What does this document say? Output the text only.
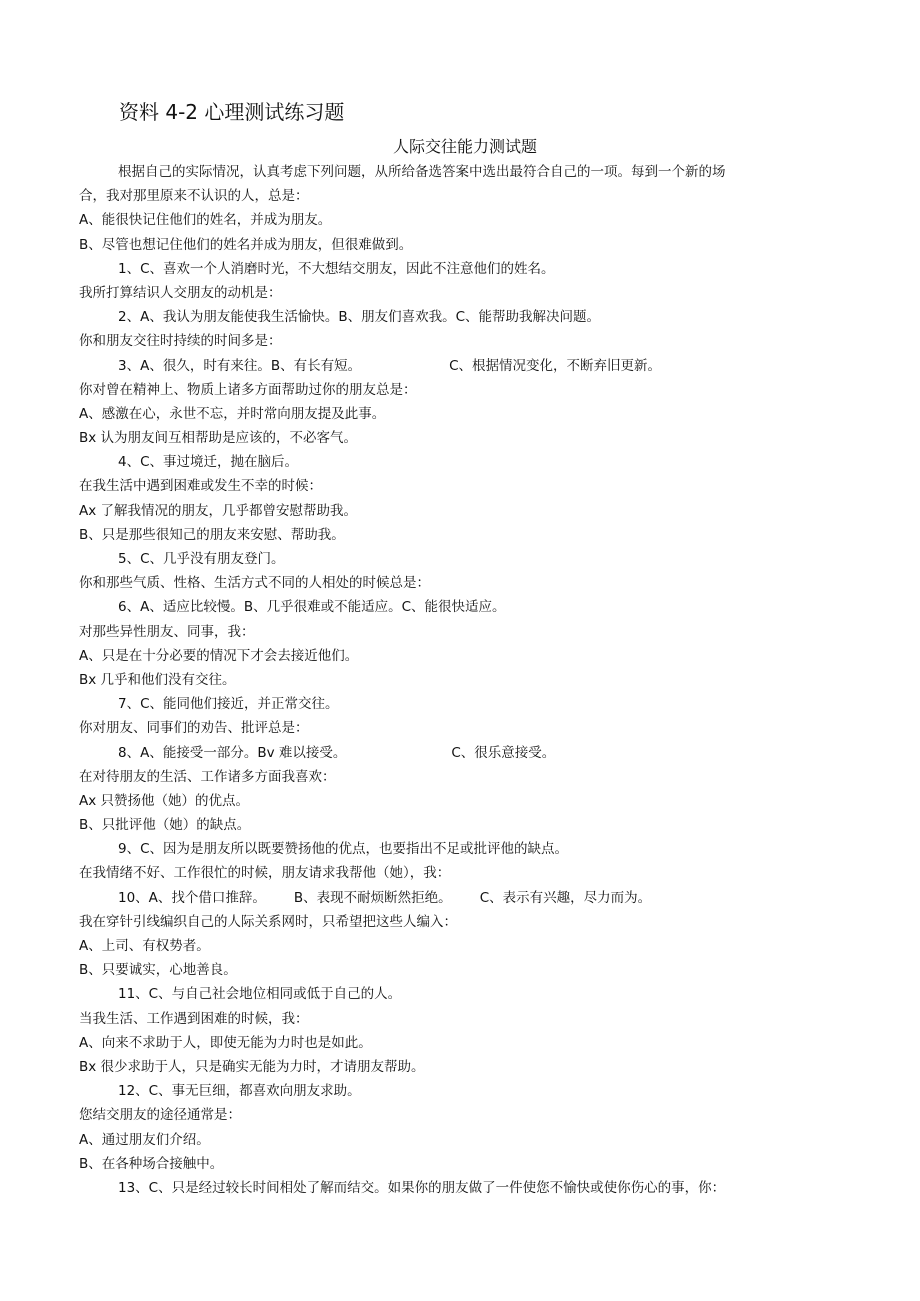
资料 4-2 心理测试练习题
人际交往能力测试题
根据自己的实际情况，认真考虑下列问题，从所给备选答案中选出最符合自己的一项。每到一个新的场
合，我对那里原来不认识的人，总是：
A、能很快记住他们的姓名，并成为朋友。
B、尽管也想记住他们的姓名并成为朋友，但很难做到。
1、C、喜欢一个人消磨时光，不大想结交朋友，因此不注意他们的姓名。
我所打算结识人交朋友的动机是：
2、A、我认为朋友能使我生活愉快。B、朋友们喜欢我。C、能帮助我解决问题。
你和朋友交往时持续的时间多是：
3、A、很久，时有来往。B、有长有短。	C、根据情况变化，不断弃旧更新。
你对曾在精神上、物质上诸多方面帮助过你的朋友总是：
A、感激在心，永世不忘，并时常向朋友提及此事。
Bx 认为朋友间互相帮助是应该的，不必客气。
4、C、事过境迁，抛在脑后。
在我生活中遇到困难或发生不幸的时候：
Ax 了解我情况的朋友，几乎都曾安慰帮助我。
B、只是那些很知己的朋友来安慰、帮助我。
5、C、几乎没有朋友登门。
你和那些气质、性格、生活方式不同的人相处的时候总是：
6、A、适应比较慢。B、几乎很难或不能适应。C、能很快适应。
对那些异性朋友、同事，我：
A、只是在十分必要的情况下才会去接近他们。
Bx 几乎和他们没有交往。
7、C、能同他们接近，并正常交往。
你对朋友、同事们的劝告、批评总是：
8、A、能接受一部分。Bv 难以接受。	C、很乐意接受。
在对待朋友的生活、工作诸多方面我喜欢：
Ax 只赞扬他（她）的优点。
B、只批评他（她）的缺点。
9、C、因为是朋友所以既要赞扬他的优点，也要指出不足或批评他的缺点。
在我情绪不好、工作很忙的时候，朋友请求我帮他（她），我：
10、A、找个借口推辞。 B、表现不耐烦断然拒绝。 C、表示有兴趣，尽力而为。
我在穿针引线编织自己的人际关系网时，只希望把这些人编入：
A、上司、有权势者。
B、只要诚实，心地善良。
11、C、与自己社会地位相同或低于自己的人。
当我生活、工作遇到困难的时候，我：
A、向来不求助于人，即使无能为力时也是如此。
Bx 很少求助于人，只是确实无能为力时，才请朋友帮助。
12、C、事无巨细，都喜欢向朋友求助。
您结交朋友的途径通常是：
A、通过朋友们介绍。
B、在各种场合接触中。
13、C、只是经过较长时间相处了解而结交。如果你的朋友做了一件使您不愉快或使你伤心的事，你：
